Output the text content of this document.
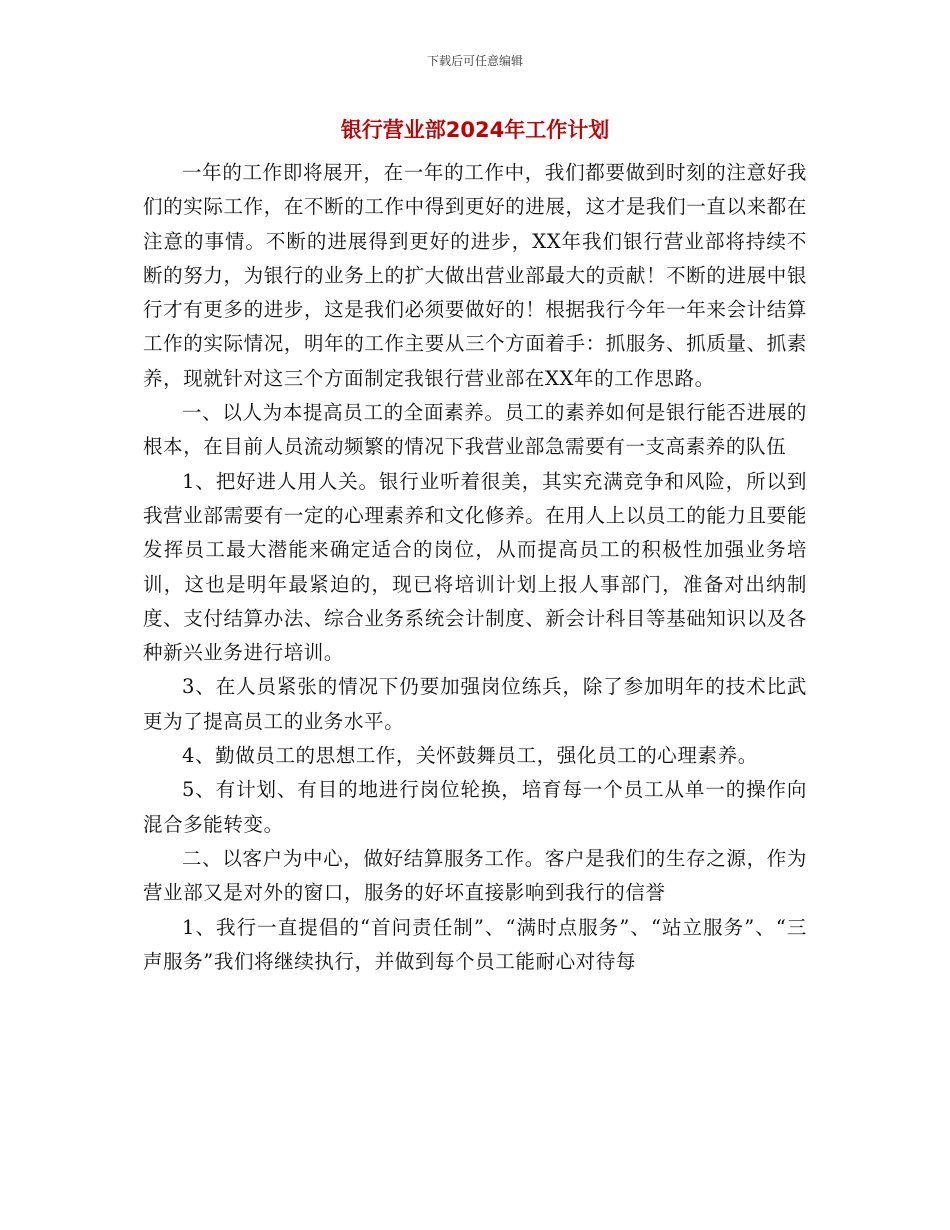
下载后可任意编辑
银行营业部2024年工作计划

一年的工作即将展开，在一年的工作中，我们都要做到时刻的注意好我们的实际工作，在不断的工作中得到更好的进展，这才是我们一直以来都在注意的事情。不断的进展得到更好的进步，XX年我们银行营业部将持续不断的努力，为银行的业务上的扩大做出营业部最大的贡献！不断的进展中银行才有更多的进步，这是我们必须要做好的！根据我行今年一年来会计结算工作的实际情况，明年的工作主要从三个方面着手：抓服务、抓质量、抓素养，现就针对这三个方面制定我银行营业部在XX年的工作思路。

一、以人为本提高员工的全面素养。员工的素养如何是银行能否进展的根本，在目前人员流动频繁的情况下我营业部急需要有一支高素养的队伍

1、把好进人用人关。银行业听着很美，其实充满竞争和风险，所以到我营业部需要有一定的心理素养和文化修养。在用人上以员工的能力且要能发挥员工最大潜能来确定适合的岗位，从而提高员工的积极性加强业务培训，这也是明年最紧迫的，现已将培训计划上报人事部门，准备对出纳制度、支付结算办法、综合业务系统会计制度、新会计科目等基础知识以及各种新兴业务进行培训。

3、在人员紧张的情况下仍要加强岗位练兵，除了参加明年的技术比武更为了提高员工的业务水平。

4、勤做员工的思想工作，关怀鼓舞员工，强化员工的心理素养。

5、有计划、有目的地进行岗位轮换，培育每一个员工从单一的操作向混合多能转变。

二、以客户为中心，做好结算服务工作。客户是我们的生存之源，作为营业部又是对外的窗口，服务的好坏直接影响到我行的信誉

1、我行一直提倡的“首问责任制”、“满时点服务”、“站立服务”、“三声服务”我们将继续执行，并做到每个员工能耐心对待每
